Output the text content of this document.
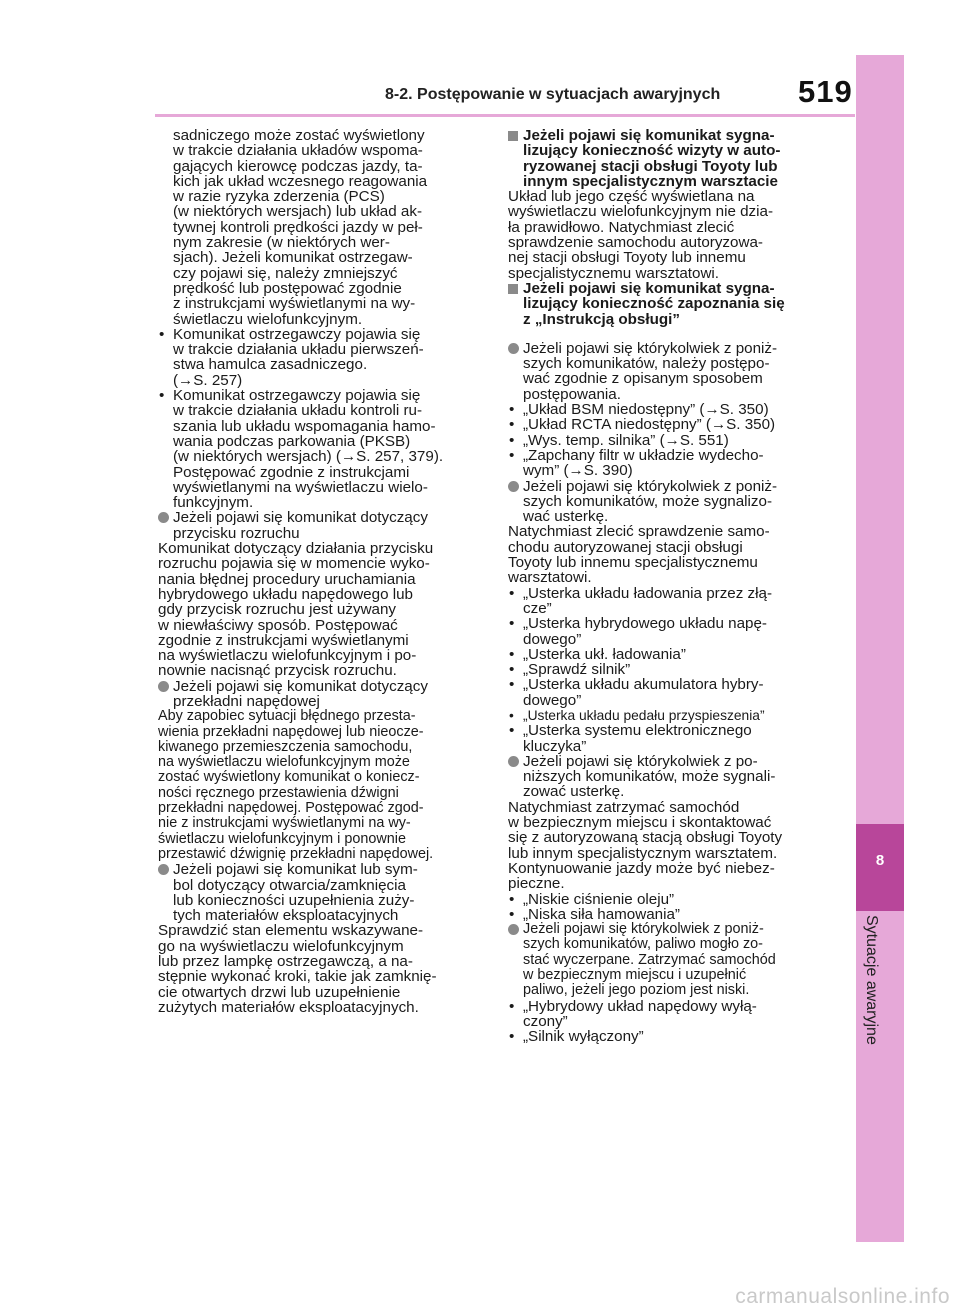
8-2. Postępowanie w sytuacjach awaryjnych	519
8
Sytuacje awaryjne
sadniczego może zostać wyświetlony
w trakcie działania układów wspoma-
gających kierowcę podczas jazdy, ta-
kich jak układ wczesnego reagowania
w razie ryzyka zderzenia (PCS)
(w niektórych wersjach) lub układ ak-
tywnej kontroli prędkości jazdy w peł-
nym zakresie (w niektórych wer-
sjach). Jeżeli komunikat ostrzegaw-
czy pojawi się, należy zmniejszyć
prędkość lub postępować zgodnie
z instrukcjami wyświetlanymi na wy-
świetlaczu wielofunkcyjnym.
• Komunikat ostrzegawczy pojawia się
w trakcie działania układu pierwszeń-
stwa hamulca zasadniczego.
(→S. 257)
• Komunikat ostrzegawczy pojawia się
w trakcie działania układu kontroli ru-
szania lub układu wspomagania hamo-
wania podczas parkowania (PKSB)
(w niektórych wersjach) (→S. 257, 379).
Postępować zgodnie z instrukcjami
wyświetlanymi na wyświetlaczu wielo-
funkcyjnym.
Jeżeli pojawi się komunikat dotyczący
przycisku rozruchu
Komunikat dotyczący działania przycisku
rozruchu pojawia się w momencie wyko-
nania błędnej procedury uruchamiania
hybrydowego układu napędowego lub
gdy przycisk rozruchu jest używany
w niewłaściwy sposób. Postępować
zgodnie z instrukcjami wyświetlanymi
na wyświetlaczu wielofunkcyjnym i po-
nownie nacisnąć przycisk rozruchu.
Jeżeli pojawi się komunikat dotyczący
przekładni napędowej
Aby zapobiec sytuacji błędnego przesta-
wienia przekładni napędowej lub nieocze-
kiwanego przemieszczenia samochodu,
na wyświetlaczu wielofunkcyjnym może
zostać wyświetlony komunikat o koniecz-
ności ręcznego przestawienia dźwigni
przekładni napędowej. Postępować zgod-
nie z instrukcjami wyświetlanymi na wy-
świetlaczu wielofunkcyjnym i ponownie
przestawić dźwignię przekładni napędowej.
Jeżeli pojawi się komunikat lub sym-
bol dotyczący otwarcia/zamknięcia
lub konieczności uzupełnienia zuży-
tych materiałów eksploatacyjnych
Sprawdzić stan elementu wskazywane-
go na wyświetlaczu wielofunkcyjnym
lub przez lampkę ostrzegawczą, a na-
stępnie wykonać kroki, takie jak zamknię-
cie otwartych drzwi lub uzupełnienie
zużytych materiałów eksploatacyjnych.
Jeżeli pojawi się komunikat sygna-
lizujący konieczność wizyty w auto-
ryzowanej stacji obsługi Toyoty lub
innym specjalistycznym warsztacie
Układ lub jego część wyświetlana na
wyświetlaczu wielofunkcyjnym nie dzia-
ła prawidłowo. Natychmiast zlecić
sprawdzenie samochodu autoryzowa-
nej stacji obsługi Toyoty lub innemu
specjalistycznemu warsztatowi.
Jeżeli pojawi się komunikat sygna-
lizujący konieczność zapoznania się
z „Instrukcją obsługi”
Jeżeli pojawi się którykolwiek z poniż-
szych komunikatów, należy postępo-
wać zgodnie z opisanym sposobem
postępowania.
• „Układ BSM niedostępny” (→S. 350)
• „Układ RCTA niedostępny” (→S. 350)
• „Wys. temp. silnika” (→S. 551)
• „Zapchany filtr w układzie wydecho-
wym” (→S. 390)
Jeżeli pojawi się którykolwiek z poniż-
szych komunikatów, może sygnalizo-
wać usterkę.
Natychmiast zlecić sprawdzenie samo-
chodu autoryzowanej stacji obsługi
Toyoty lub innemu specjalistycznemu
warsztatowi.
• „Usterka układu ładowania przez złą-
cze”
• „Usterka hybrydowego układu napę-
dowego”
• „Usterka ukł. ładowania”
• „Sprawdź silnik”
• „Usterka układu akumulatora hybry-
dowego”
• „Usterka układu pedału przyspieszenia”
• „Usterka systemu elektronicznego
kluczyka”
Jeżeli pojawi się którykolwiek z po-
niższych komunikatów, może sygnali-
zować usterkę.
Natychmiast zatrzymać samochód
w bezpiecznym miejscu i skontaktować
się z autoryzowaną stacją obsługi Toyoty
lub innym specjalistycznym warsztatem.
Kontynuowanie jazdy może być niebez-
pieczne.
• „Niskie ciśnienie oleju”
• „Niska siła hamowania”
Jeżeli pojawi się którykolwiek z poniż-
szych komunikatów, paliwo mogło zo-
stać wyczerpane. Zatrzymać samochód
w bezpiecznym miejscu i uzupełnić
paliwo, jeżeli jego poziom jest niski.
• „Hybrydowy układ napędowy wyłą-
czony”
• „Silnik wyłączony”
carmanualsonline.info
